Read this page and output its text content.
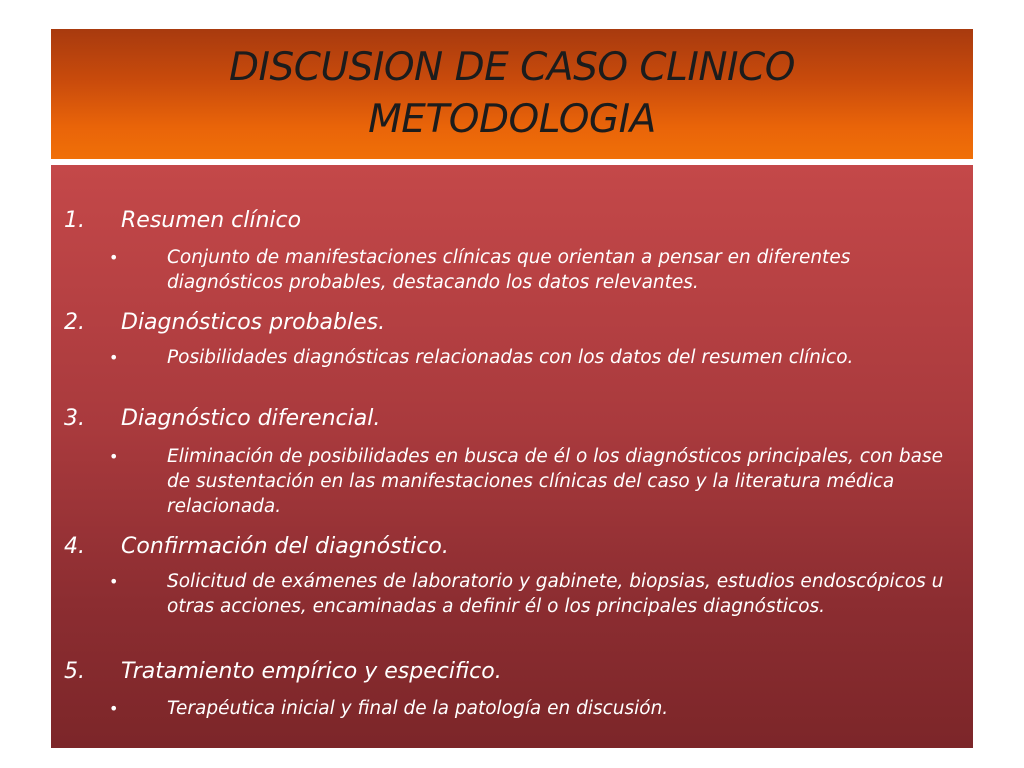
DISCUSION DE CASO CLINICO
METODOLOGIA
1. Resumen clínico
•	Conjunto de manifestaciones clínicas que orientan a pensar en diferentes diagnósticos probables, destacando los datos relevantes.
2. Diagnósticos probables.
•	Posibilidades diagnósticas relacionadas con los datos del resumen clínico.
3. Diagnóstico diferencial.
•	Eliminación de posibilidades en busca de él o los diagnósticos principales, con base de sustentación en las manifestaciones clínicas del caso y la literatura médica relacionada.
4. Confirmación del diagnóstico.
•	Solicitud de exámenes de laboratorio y gabinete, biopsias, estudios endoscópicos u otras acciones, encaminadas a definir él o los principales diagnósticos.
5. Tratamiento empírico y especifico.
•	Terapéutica inicial y final de la patología en discusión.
